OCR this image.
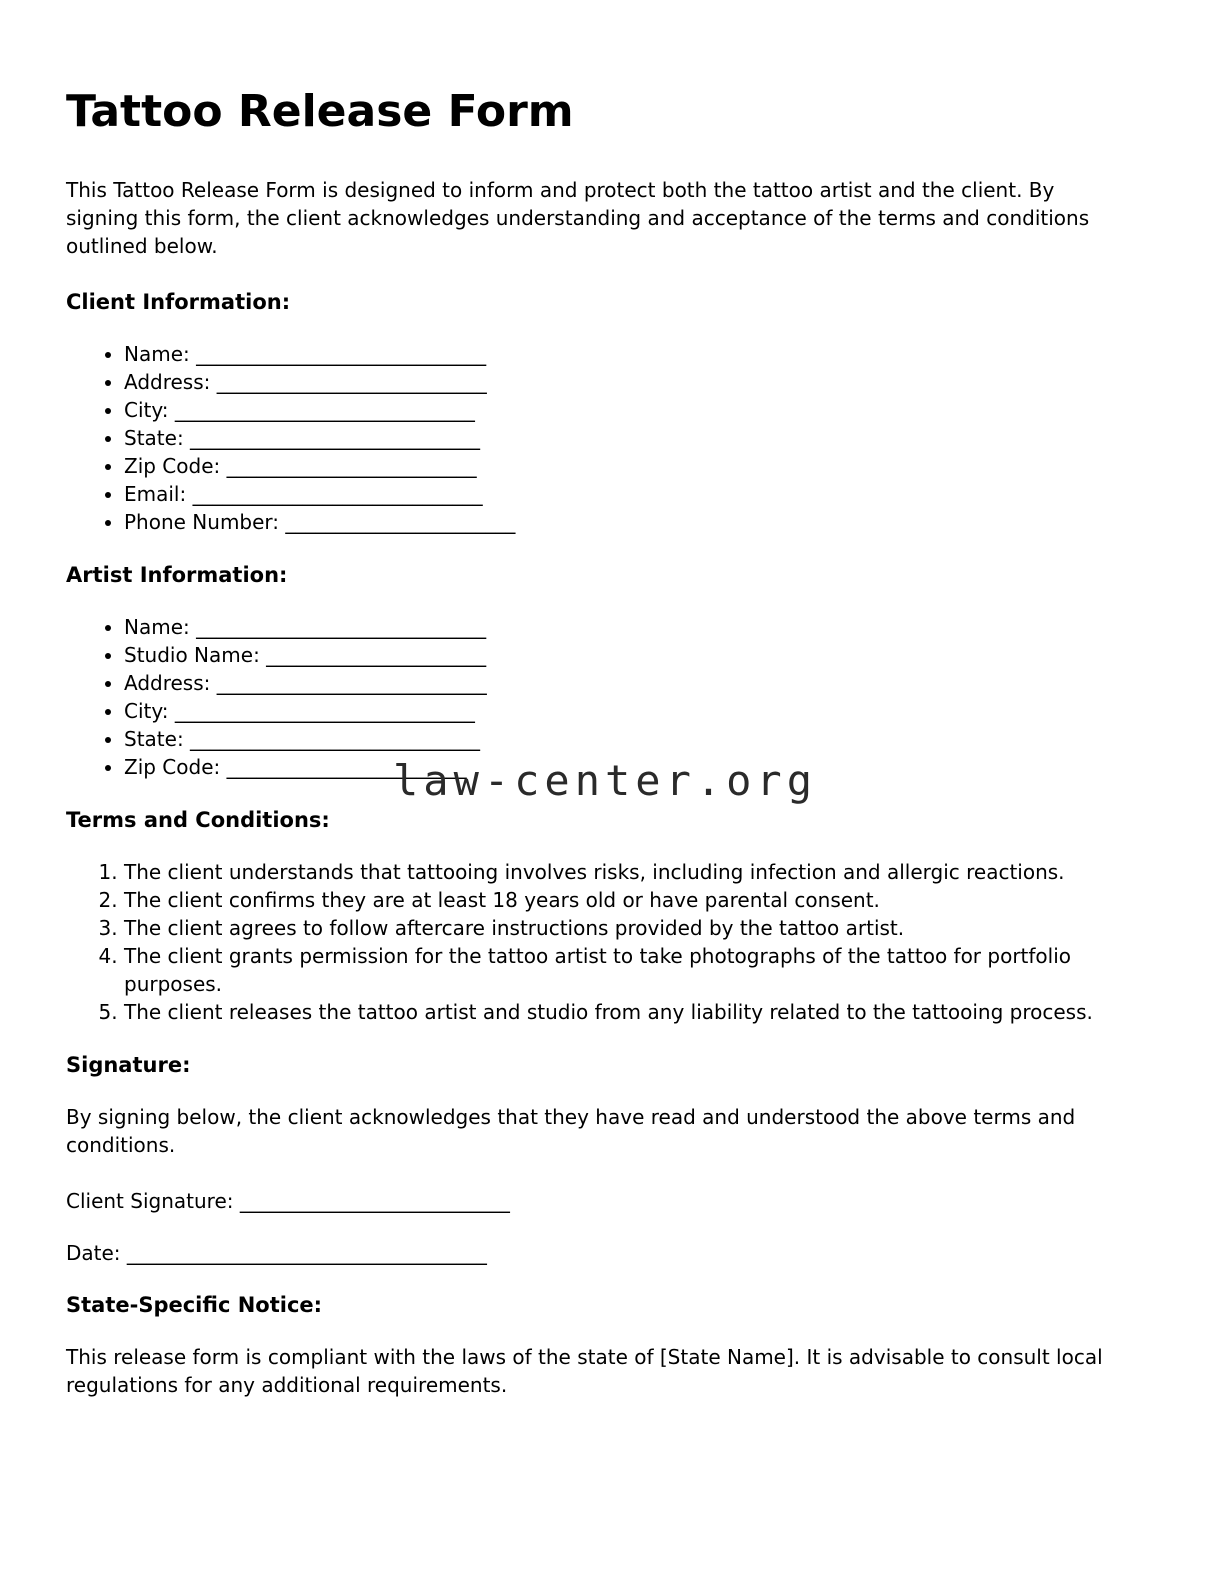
Tattoo Release Form

This Tattoo Release Form is designed to inform and protect both the tattoo artist and the client. By signing this form, the client acknowledges understanding and acceptance of the terms and conditions outlined below.

Client Information:
• Name: _____________________________
• Address: ___________________________
• City: ______________________________
• State: _____________________________
• Zip Code: _________________________
• Email: _____________________________
• Phone Number: _______________________
Artist Information:
• Name: _____________________________
• Studio Name: ______________________
• Address: ___________________________
• City: ______________________________
• State: _____________________________
• Zip Code: ________________________
Terms and Conditions:
1. The client understands that tattooing involves risks, including infection and allergic reactions.
2. The client confirms they are at least 18 years old or have parental consent.
3. The client agrees to follow aftercare instructions provided by the tattoo artist.
4. The client grants permission for the tattoo artist to take photographs of the tattoo for portfolio purposes.
5. The client releases the tattoo artist and studio from any liability related to the tattooing process.
Signature:

By signing below, the client acknowledges that they have read and understood the above terms and conditions.

Client Signature: ___________________________

Date: ____________________________________

State-Specific Notice:

This release form is compliant with the laws of the state of [State Name]. It is advisable to consult local regulations for any additional requirements.

law-center.org
